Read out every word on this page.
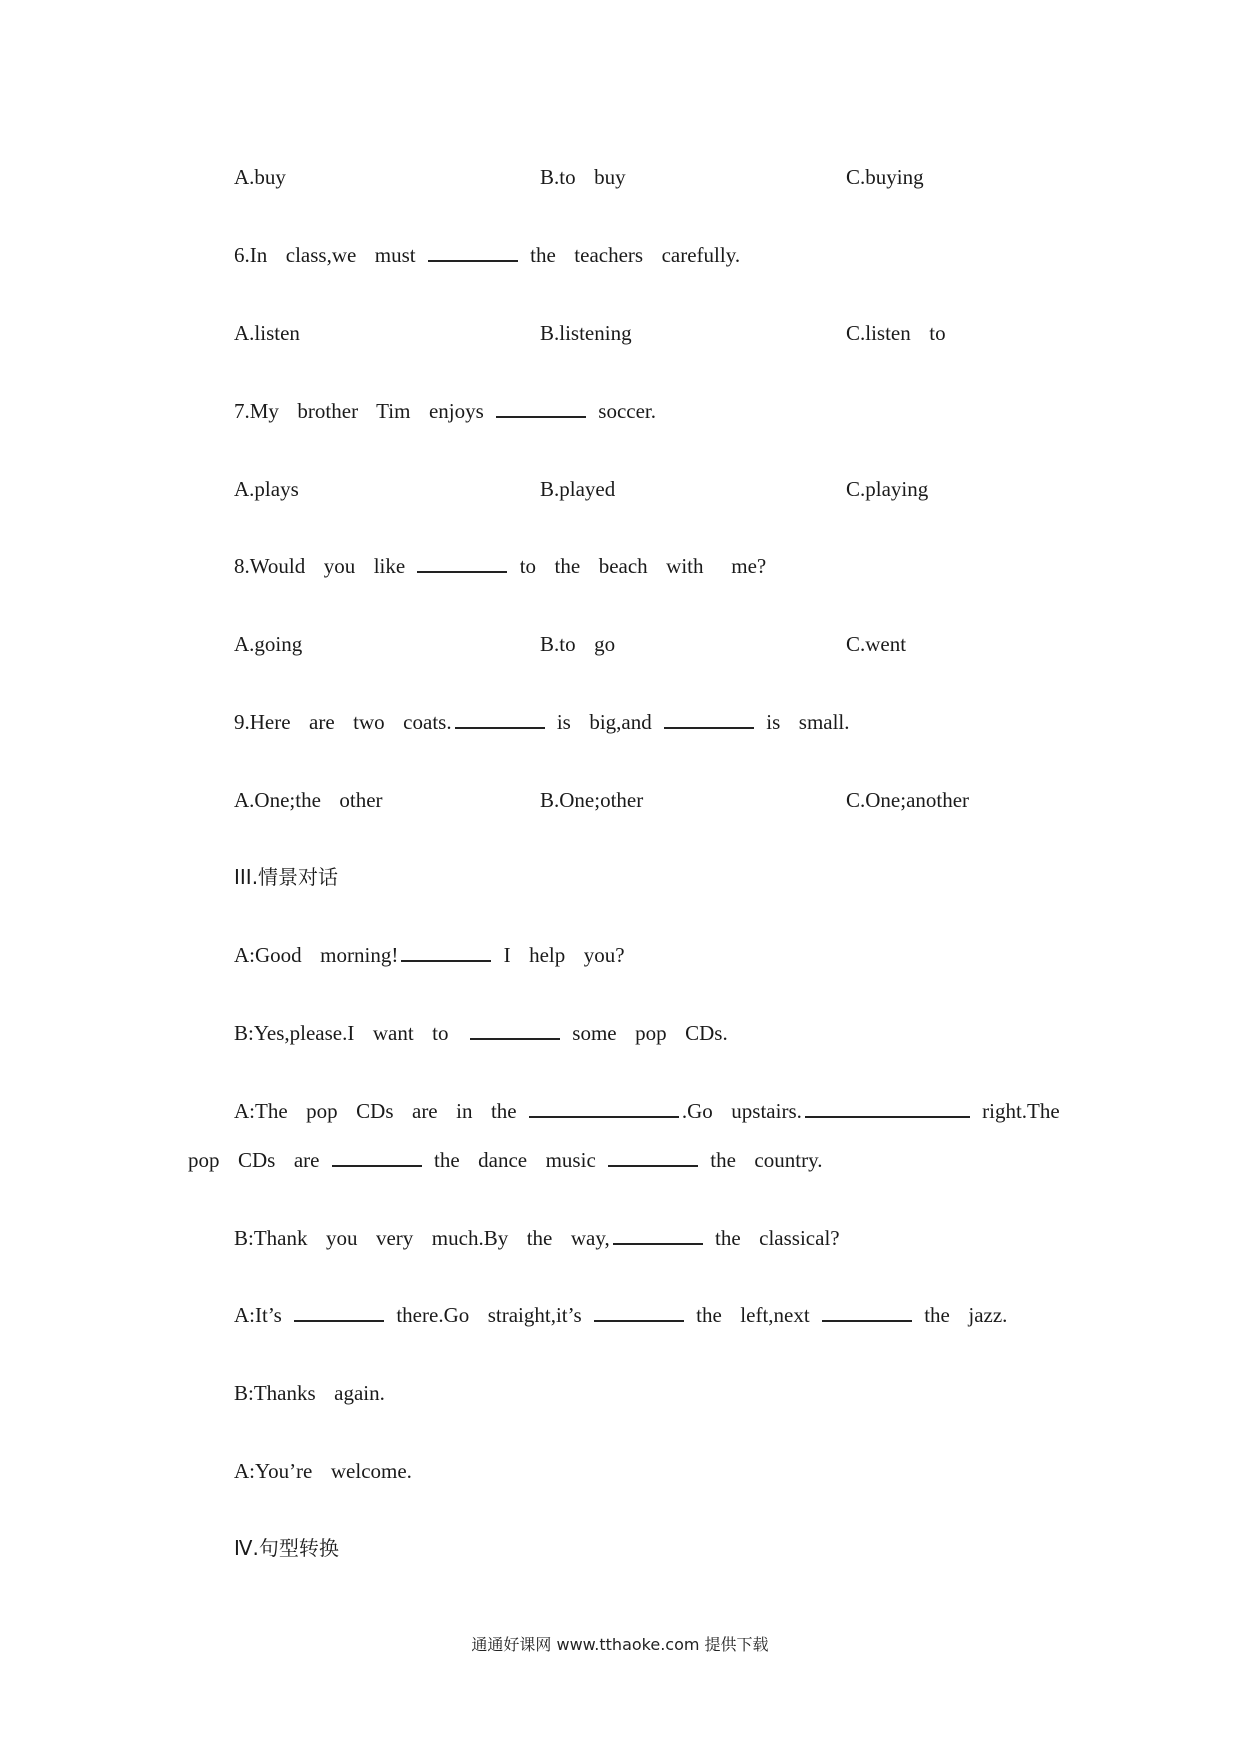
A.buy	B.to  buy	C.buying
6.In  class,we  must	the  teachers  carefully.
A.listen	B.listening	C.listen  to
7.My  brother  Tim  enjoys	soccer.
A.plays	B.played	C.playing
8.Would  you  like	to  the  beach  with   me?
A.going	B.to  go	C.went
9.Here  are  two  coats.	is  big,and	is  small.
A.One;the  other	B.One;other	C.One;another
III.情景对话
A:Good  morning!	I  help  you?
B:Yes,please.I  want  to	some  pop  CDs.
A:The  pop  CDs  are  in  the	.Go  upstairs.	right.The
pop  CDs  are	the  dance  music	the  country.
B:Thank  you  very  much.By  the  way,	the  classical?
A:It’s	there.Go  straight,it’s	the  left,next	the  jazz.
B:Thanks  again.
A:You’re  welcome.
Ⅳ.句型转换
通通好课网 www.tthaoke.com 提供下载
